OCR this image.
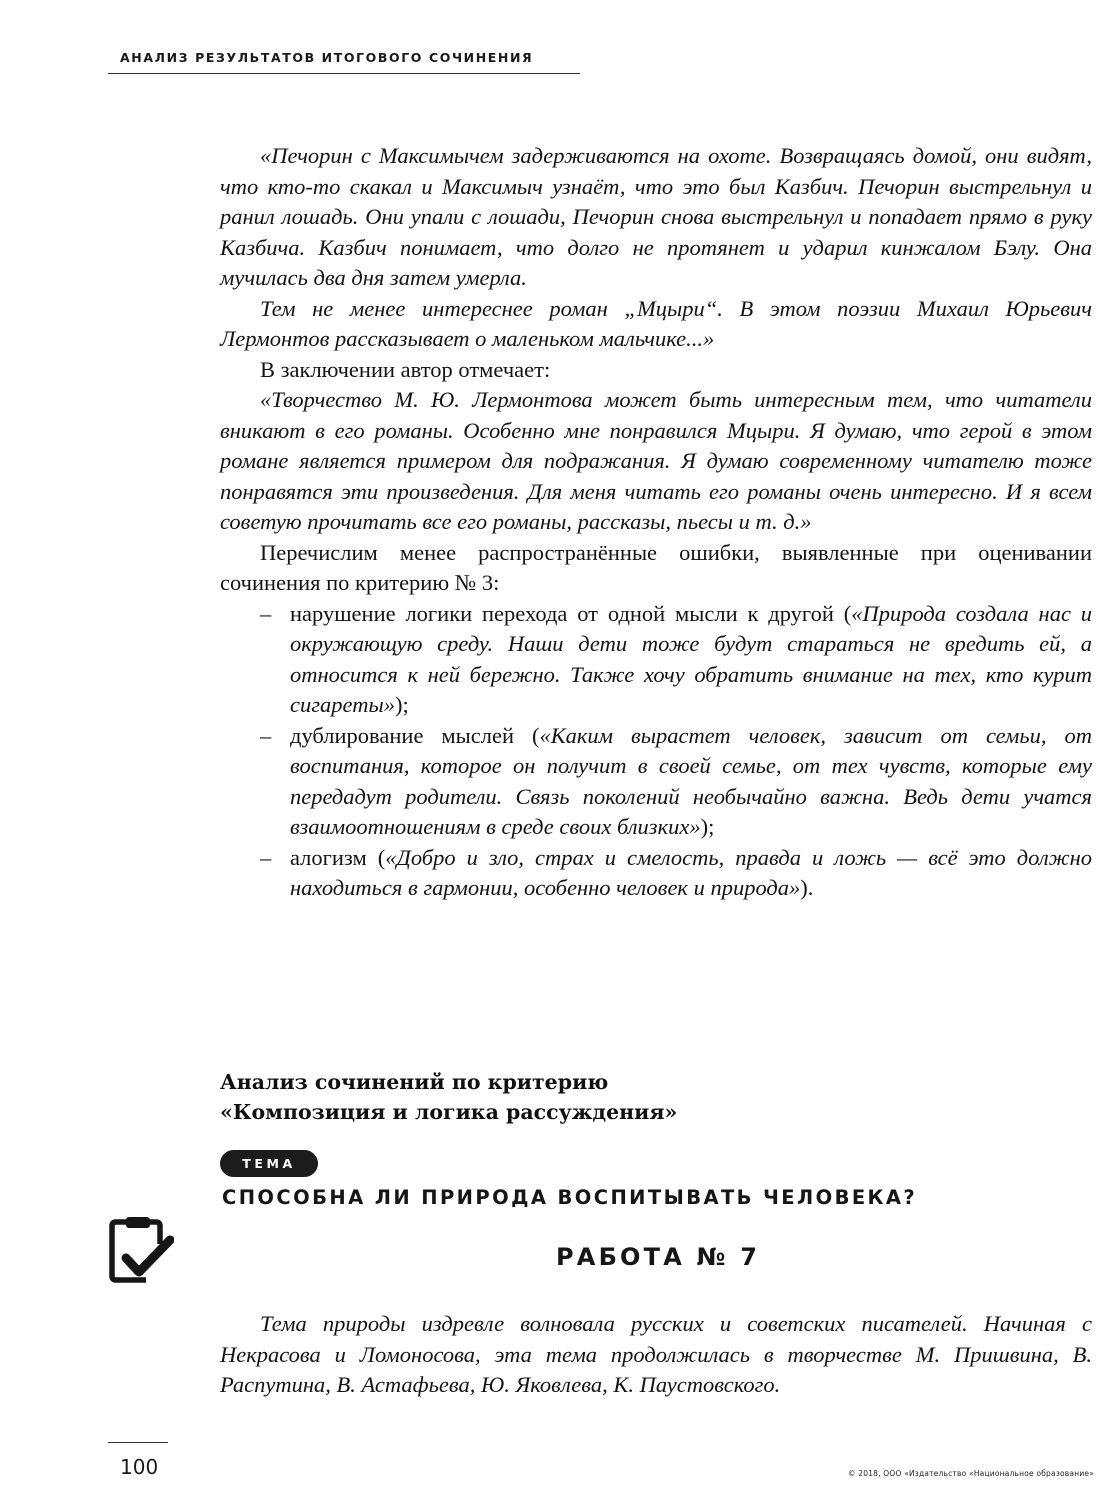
АНАЛИЗ РЕЗУЛЬТАТОВ ИТОГОВОГО СОЧИНЕНИЯ

«Печорин с Максимычем задерживаются на охоте. Возвращаясь домой, они видят, что кто-то скакал и Максимыч узнаёт, что это был Казбич. Печорин выстрельнул и ранил лошадь. Они упали с лошади, Печорин снова выстрельнул и попадает прямо в руку Казбича. Казбич понимает, что долго не протянет и ударил кинжалом Бэлу. Она мучилась два дня затем умерла.

Тем не менее интереснее роман „Мцыри“. В этом поэзии Михаил Юрьевич Лермонтов рассказывает о маленьком мальчике...»

В заключении автор отмечает:

«Творчество М. Ю. Лермонтова может быть интересным тем, что читатели вникают в его романы. Особенно мне понравился Мцыри. Я думаю, что герой в этом романе является примером для подражания. Я думаю современному читателю тоже понравятся эти произведения. Для меня читать его романы очень интересно. И я всем советую прочитать все его романы, рассказы, пьесы и т. д.»

Перечислим менее распространённые ошибки, выявленные при оценивании сочинения по критерию № 3:

– нарушение логики перехода от одной мысли к другой («Природа создала нас и окружающую среду. Наши дети тоже будут стараться не вредить ей, а относится к ней бережно. Также хочу обратить внимание на тех, кто курит сигареты»);
– дублирование мыслей («Каким вырастет человек, зависит от семьи, от воспитания, которое он получит в своей семье, от тех чувств, которые ему передадут родители. Связь поколений необычайно важна. Ведь дети учатся взаимоотношениям в среде своих близких»);
– алогизм («Добро и зло, страх и смелость, правда и ложь — всё это должно находиться в гармонии, особенно человек и природа»).
Анализ сочинений по критерию
«Композиция и логика рассуждения»
ТЕМА
СПОСОБНА ЛИ ПРИРОДА ВОСПИТЫВАТЬ ЧЕЛОВЕКА?
РАБОТА № 7

Тема природы издревле волновала русских и советских писателей. Начиная с Некрасова и Ломоносова, эта тема продолжилась в творчестве М. Пришвина, В. Распутина, В. Астафьева, Ю. Яковлева, К. Паустовского.

100	© 2018, ООО «Издательство «Национальное образование»
